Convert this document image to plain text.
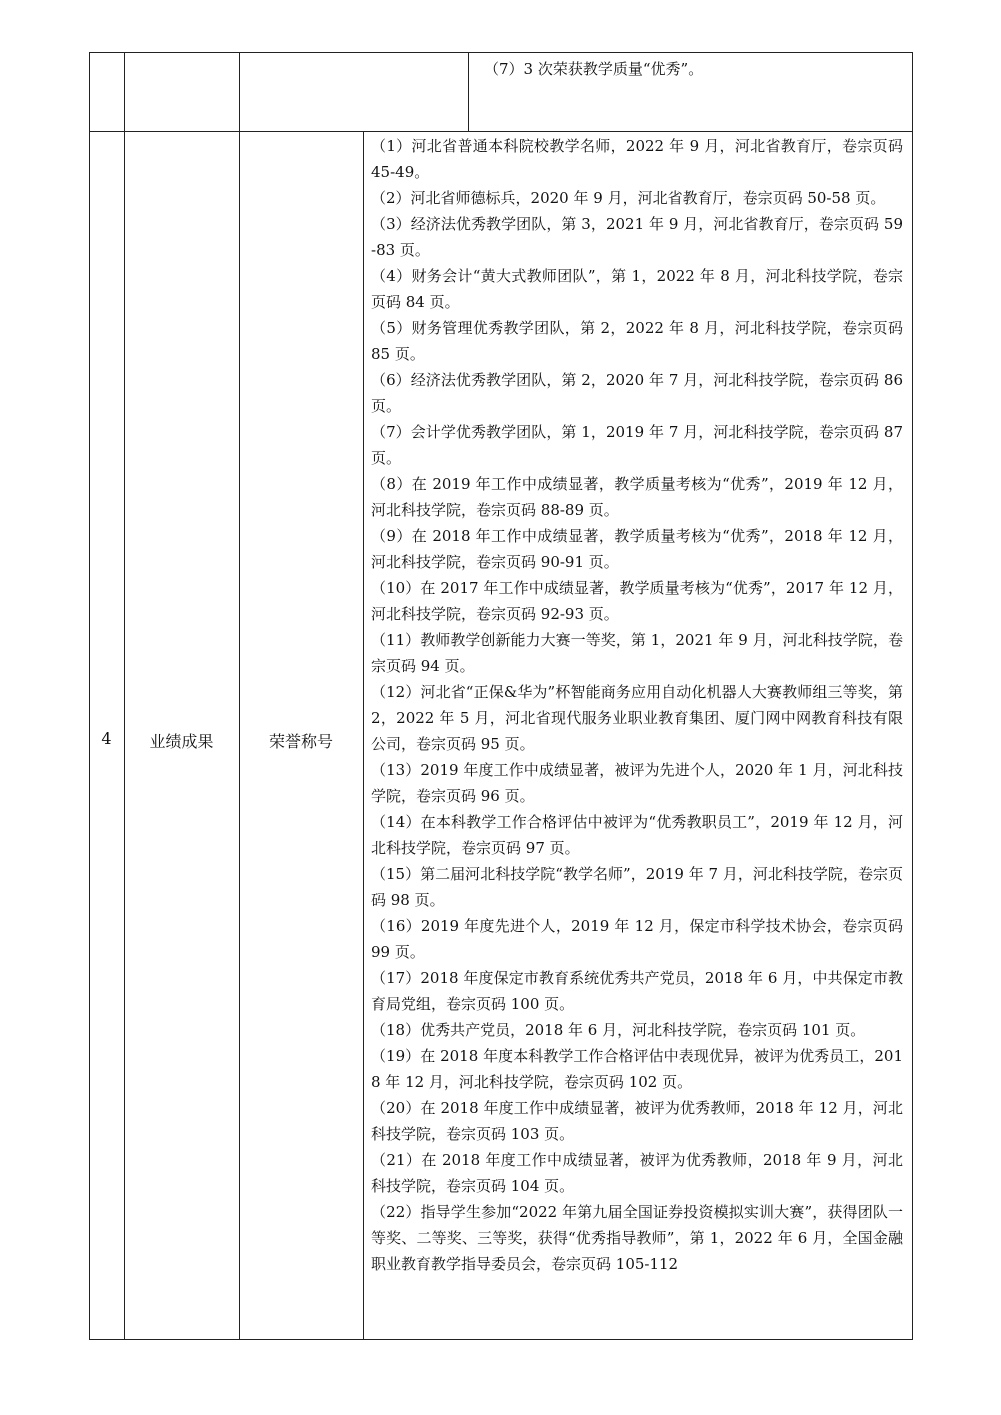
（7）3 次荣获教学质量“优秀”。
4	业绩成果	荣誉称号

（1）河北省普通本科院校教学名师，2022 年 9 月，河北省教育厅，卷宗页码 45-49。

（2）河北省师德标兵，2020 年 9 月，河北省教育厅，卷宗页码 50-58 页。

（3）经济法优秀教学团队，第 3，2021 年 9 月，河北省教育厅，卷宗页码 59-83 页。

（4）财务会计“黄大式教师团队”，第 1，2022 年 8 月，河北科技学院，卷宗页码 84 页。

（5）财务管理优秀教学团队，第 2，2022 年 8 月，河北科技学院，卷宗页码 85 页。

（6）经济法优秀教学团队，第 2，2020 年 7 月，河北科技学院，卷宗页码 86 页。

（7）会计学优秀教学团队，第 1，2019 年 7 月，河北科技学院，卷宗页码 87 页。

（8）在 2019 年工作中成绩显著，教学质量考核为“优秀”，2019 年 12 月，河北科技学院，卷宗页码 88-89 页。

（9）在 2018 年工作中成绩显著，教学质量考核为“优秀”，2018 年 12 月，河北科技学院，卷宗页码 90-91 页。

（10）在 2017 年工作中成绩显著，教学质量考核为“优秀”，2017 年 12 月，河北科技学院，卷宗页码 92-93 页。

（11）教师教学创新能力大赛一等奖，第 1，2021 年 9 月，河北科技学院，卷宗页码 94 页。

（12）河北省“正保&华为”杯智能商务应用自动化机器人大赛教师组三等奖，第 2，2022 年 5 月，河北省现代服务业职业教育集团、厦门网中网教育科技有限公司，卷宗页码 95 页。

（13）2019 年度工作中成绩显著，被评为先进个人，2020 年 1 月，河北科技学院，卷宗页码 96 页。

（14）在本科教学工作合格评估中被评为“优秀教职员工”，2019 年 12 月，河北科技学院，卷宗页码 97 页。

（15）第二届河北科技学院“教学名师”，2019 年 7 月，河北科技学院，卷宗页码 98 页。

（16）2019 年度先进个人，2019 年 12 月，保定市科学技术协会，卷宗页码 99 页。

（17）2018 年度保定市教育系统优秀共产党员，2018 年 6 月，中共保定市教育局党组，卷宗页码 100 页。

（18）优秀共产党员，2018 年 6 月，河北科技学院，卷宗页码 101 页。

（19）在 2018 年度本科教学工作合格评估中表现优异，被评为优秀员工，2018 年 12 月，河北科技学院，卷宗页码 102 页。

（20）在 2018 年度工作中成绩显著，被评为优秀教师，2018 年 12 月，河北科技学院，卷宗页码 103 页。

（21）在 2018 年度工作中成绩显著，被评为优秀教师，2018 年 9 月，河北科技学院，卷宗页码 104 页。

（22）指导学生参加“2022 年第九届全国证券投资模拟实训大赛”，获得团队一等奖、二等奖、三等奖，获得“优秀指导教师”，第 1，2022 年 6 月，全国金融职业教育教学指导委员会，卷宗页码 105-112
